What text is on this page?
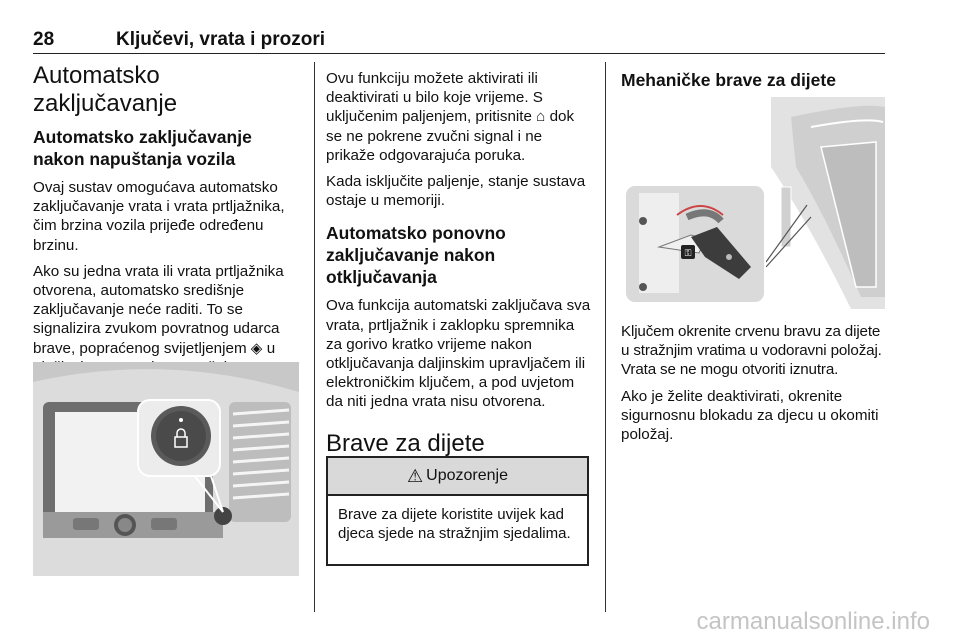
28	Ključevi, vrata i prozori
Automatsko zaključavanje
Automatsko zaključavanje nakon napuštanja vozila

Ovaj sustav omogućava automatsko zaključavanje vrata i vrata prtljažnika, čim brzina vozila prijeđe određenu brzinu.

Ako su jedna vrata ili vrata prtljažnika otvorena, automatsko središnje zaključavanje neće raditi. To se signalizira zvukom povratnog udarca brave, popraćenog svijetljenjem ◈ u

Ovu funkciju možete aktivirati ili deaktivirati u bilo koje vrijeme. S uključenim paljenjem, pritisnite ⌂ dok se ne pokrene zvučni signal i ne prikaže odgovarajuća poruka.

Kada isključite paljenje, stanje sustava ostaje u memoriji.

Automatsko ponovno zaključavanje nakon otključavanja

Ova funkcija automatski zaključava sva vrata, prtljažnik i zaklopku spremnika za gorivo kratko vrijeme nakon otključavanja daljinskim upravljačem ili elektroničkim ključem, a pod uvjetom da niti jedna vrata nisu otvorena.

Brave za dijete
⚠ Upozorenje
Brave za dijete koristite uvijek kad djeca sjede na stražnjim sjedalima.
Mehaničke brave za dijete
⚿

Ključem okrenite crvenu bravu za dijete u stražnjim vratima u vodoravni položaj. Vrata se ne mogu otvoriti iznutra.

Ako je želite deaktivirati, okrenite sigurnosnu blokadu za djecu u okomiti položaj.

carmanualsonline.info
